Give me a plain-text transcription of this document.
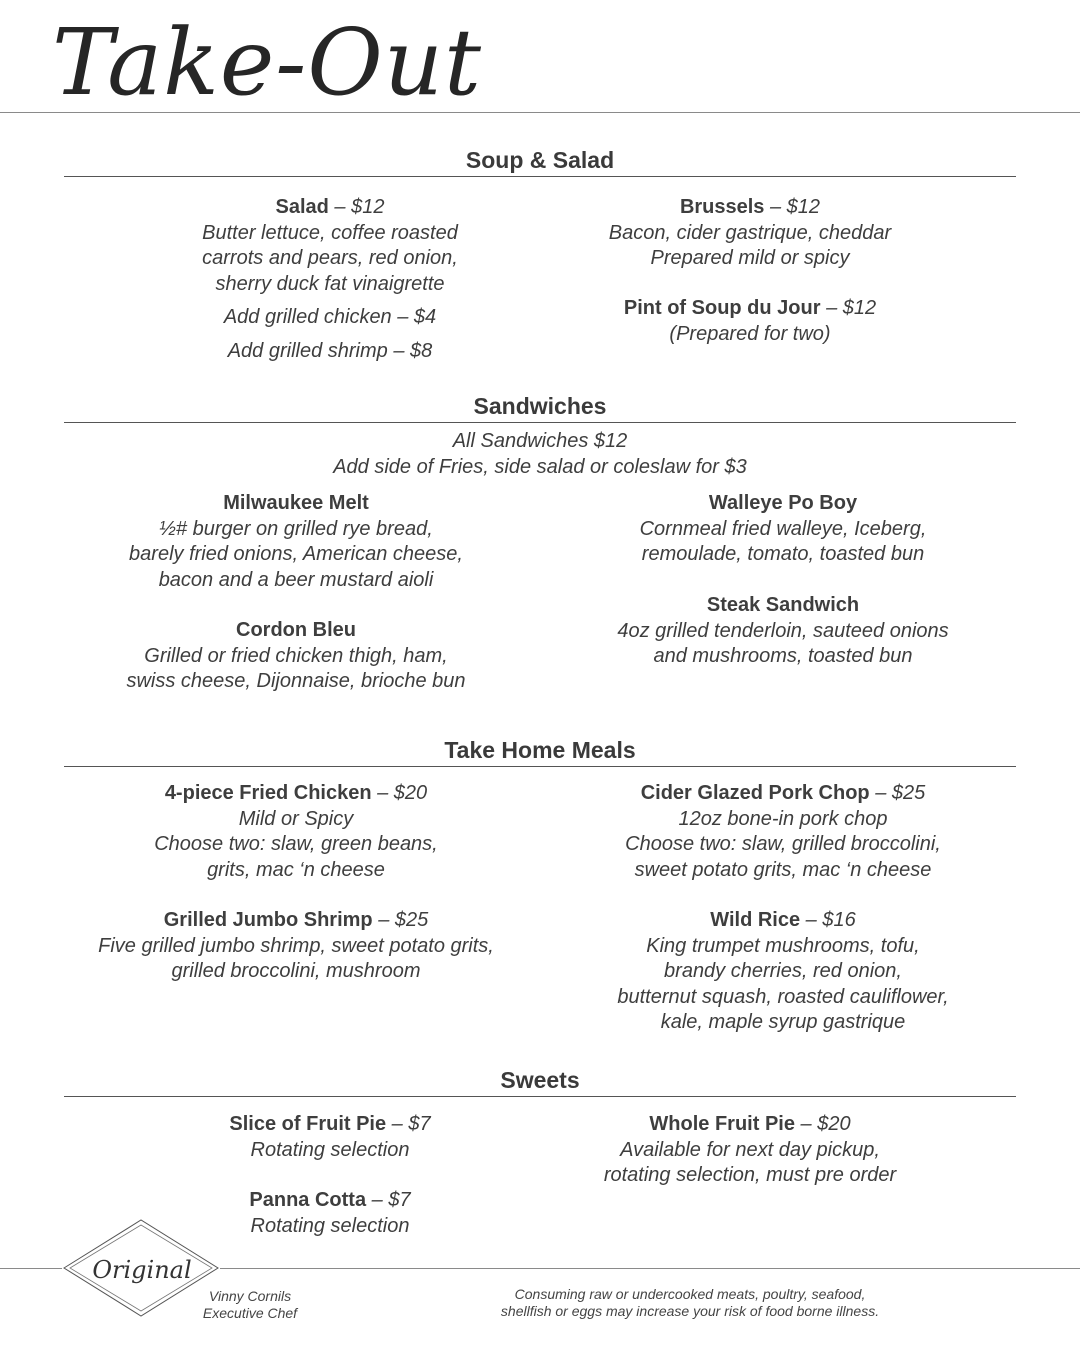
Take-Out
Soup & Salad
Salad – $12
Butter lettuce, coffee roasted
carrots and pears, red onion,
sherry duck fat vinaigrette
Add grilled chicken – $4
Add grilled shrimp – $8
Brussels – $12
Bacon, cider gastrique, cheddar
Prepared mild or spicy
Pint of Soup du Jour – $12
(Prepared for two)
Sandwiches
All Sandwiches $12
Add side of Fries, side salad or coleslaw for $3
Milwaukee Melt
½# burger on grilled rye bread,
barely fried onions, American cheese,
bacon and a beer mustard aioli
Walleye Po Boy
Cornmeal fried walleye, Iceberg,
remoulade, tomato, toasted bun
Cordon Bleu
Grilled or fried chicken thigh, ham,
swiss cheese, Dijonnaise, brioche bun
Steak Sandwich
4oz grilled tenderloin, sauteed onions
and mushrooms, toasted bun
Take Home Meals
4-piece Fried Chicken – $20
Mild or Spicy
Choose two: slaw, green beans,
grits, mac ‘n cheese
Cider Glazed Pork Chop – $25
12oz bone-in pork chop
Choose two: slaw, grilled broccolini,
sweet potato grits, mac ‘n cheese
Grilled Jumbo Shrimp – $25
Five grilled jumbo shrimp, sweet potato grits,
grilled broccolini, mushroom
Wild Rice – $16
King trumpet mushrooms, tofu,
brandy cherries, red onion,
butternut squash, roasted cauliflower,
kale, maple syrup gastrique
Sweets
Slice of Fruit Pie – $7
Rotating selection
Whole Fruit Pie – $20
Available for next day pickup,
rotating selection, must pre order
Panna Cotta – $7
Rotating selection
Original
Vinny Cornils
Executive Chef
Consuming raw or undercooked meats, poultry, seafood,
shellfish or eggs may increase your risk of food borne illness.
